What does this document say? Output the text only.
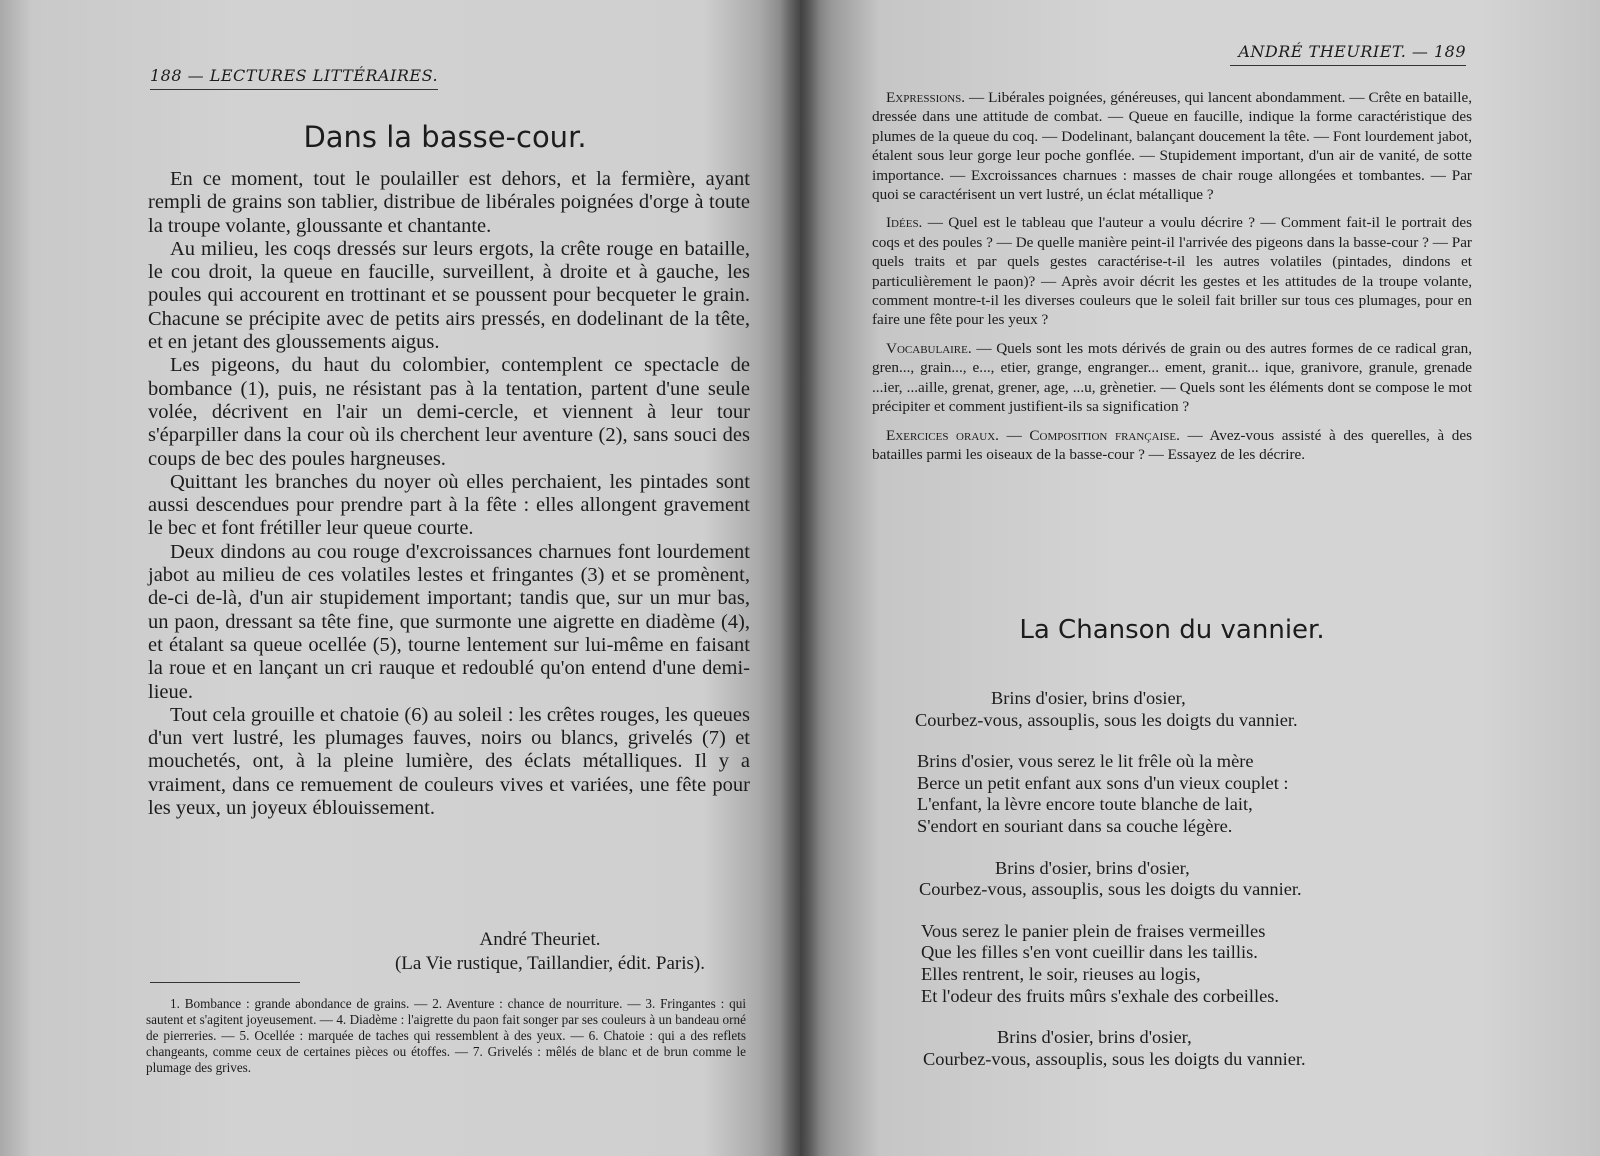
188 — LECTURES LITTÉRAIRES.
Dans la basse-cour.

En ce moment, tout le poulailler est dehors, et la fermière, ayant rempli de grains son tablier, distribue de libérales poignées d'orge à toute la troupe volante, gloussante et chantante.

Au milieu, les coqs dressés sur leurs ergots, la crête rouge en bataille, le cou droit, la queue en faucille, surveillent, à droite et à gauche, les poules qui accourent en trottinant et se poussent pour becqueter le grain. Chacune se précipite avec de petits airs pressés, en dodelinant de la tête, et en jetant des gloussements aigus.

Les pigeons, du haut du colombier, contemplent ce spectacle de bombance (1), puis, ne résistant pas à la tentation, partent d'une seule volée, décrivent en l'air un demi-cercle, et viennent à leur tour s'éparpiller dans la cour où ils cherchent leur aventure (2), sans souci des coups de bec des poules hargneuses.

Quittant les branches du noyer où elles perchaient, les pintades sont aussi descendues pour prendre part à la fête : elles allongent gravement le bec et font frétiller leur queue courte.

Deux dindons au cou rouge d'excroissances charnues font lourdement jabot au milieu de ces volatiles lestes et fringantes (3) et se promènent, de-ci de-là, d'un air stupidement important; tandis que, sur un mur bas, un paon, dressant sa tête fine, que surmonte une aigrette en diadème (4), et étalant sa queue ocellée (5), tourne lentement sur lui-même en faisant la roue et en lançant un cri rauque et redoublé qu'on entend d'une demi-lieue.

Tout cela grouille et chatoie (6) au soleil : les crêtes rouges, les queues d'un vert lustré, les plumages fauves, noirs ou blancs, grivelés (7) et mouchetés, ont, à la pleine lumière, des éclats métalliques. Il y a vraiment, dans ce remuement de couleurs vives et variées, une fête pour les yeux, un joyeux éblouissement.

André Theuriet.
(La Vie rustique, Taillandier, édit. Paris).

1. Bombance : grande abondance de grains. — 2. Aventure : chance de nourriture. — 3. Fringantes : qui sautent et s'agitent joyeusement. — 4. Diadème : l'aigrette du paon fait songer par ses couleurs à un bandeau orné de pierreries. — 5. Ocellée : marquée de taches qui ressemblent à des yeux. — 6. Chatoie : qui a des reflets changeants, comme ceux de certaines pièces ou étoffes. — 7. Grivelés : mêlés de blanc et de brun comme le plumage des grives.

ANDRÉ THEURIET. — 189

Expressions. — Libérales poignées, généreuses, qui lancent abondamment. — Crête en bataille, dressée dans une attitude de combat. — Queue en faucille, indique la forme caractéristique des plumes de la queue du coq. — Dodelinant, balançant doucement la tête. — Font lourdement jabot, étalent sous leur gorge leur poche gonflée. — Stupidement important, d'un air de vanité, de sotte importance. — Excroissances charnues : masses de chair rouge allongées et tombantes. — Par quoi se caractérisent un vert lustré, un éclat métallique ?

Idées. — Quel est le tableau que l'auteur a voulu décrire ? — Comment fait-il le portrait des coqs et des poules ? — De quelle manière peint-il l'arrivée des pigeons dans la basse-cour ? — Par quels traits et par quels gestes caractérise-t-il les autres volatiles (pintades, dindons et particulièrement le paon)? — Après avoir décrit les gestes et les attitudes de la troupe volante, comment montre-t-il les diverses couleurs que le soleil fait briller sur tous ces plumages, pour en faire une fête pour les yeux ?

Vocabulaire. — Quels sont les mots dérivés de grain ou des autres formes de ce radical gran, gren..., grain..., e..., etier, grange, engranger... ement, granit... ique, granivore, granule, grenade ...ier, ...aille, grenat, grener, age, ...u, grènetier. — Quels sont les éléments dont se compose le mot précipiter et comment justifient-ils sa signification ?

Exercices oraux. — Composition française. — Avez-vous assisté à des querelles, à des batailles parmi les oiseaux de la basse-cour ? — Essayez de les décrire.

La Chanson du vannier.
Brins d'osier, brins d'osier,
Courbez-vous, assouplis, sous les doigts du vannier.
Brins d'osier, vous serez le lit frêle où la mère
Berce un petit enfant aux sons d'un vieux couplet :
L'enfant, la lèvre encore toute blanche de lait,
S'endort en souriant dans sa couche légère.
Brins d'osier, brins d'osier,
Courbez-vous, assouplis, sous les doigts du vannier.
Vous serez le panier plein de fraises vermeilles
Que les filles s'en vont cueillir dans les taillis.
Elles rentrent, le soir, rieuses au logis,
Et l'odeur des fruits mûrs s'exhale des corbeilles.
Brins d'osier, brins d'osier,
Courbez-vous, assouplis, sous les doigts du vannier.
